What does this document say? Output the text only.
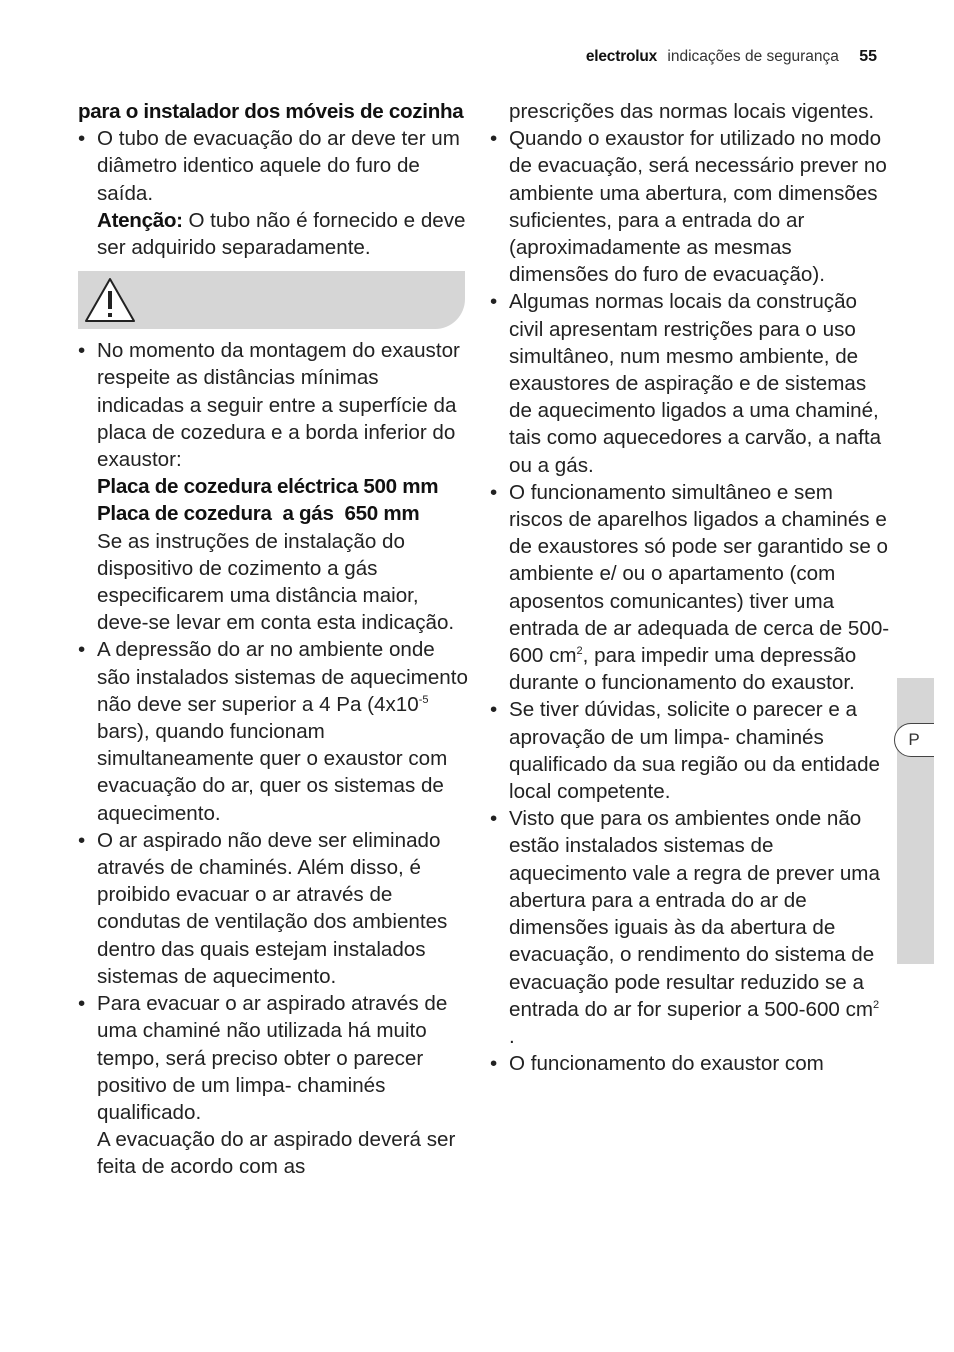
electrolux indicações de segurança 55

para o instalador dos móveis de cozinha

• O tubo de evacuação do ar deve ter um diâmetro identico aquele do furo de saída.
Atenção: O tubo não é fornecido e deve ser adquirido separadamente.
• No momento da montagem do exaustor respeite as distâncias mínimas indicadas a seguir entre a superfície da placa de cozedura e a borda inferior do exaustor:
Placa de cozedura eléctrica 500 mm
Placa de cozedura  a gás  650 mm
Se as instruções de instalação do dispositivo de cozimento a gás especificarem uma distância maior, deve-se levar em conta esta indicação.
• A depressão do ar no ambiente onde são instalados sistemas de aquecimento não deve ser superior a 4 Pa ($4x10^{-5}$ bars), quando funcionam simultaneamente quer o exaustor com evacuação do ar, quer os sistemas de aquecimento.
• O ar aspirado não deve ser eliminado através de chaminés. Além disso, é proibido evacuar o ar através de condutas de ventilação dos ambientes dentro das quais estejam instalados sistemas de aquecimento.
• Para evacuar o ar aspirado através de uma chaminé não utilizada há muito tempo, será preciso obter o parecer positivo de um limpa- chaminés qualificado.
A evacuação do ar aspirado deverá ser feita de acordo com as
prescrições das normas locais vigentes.
• Quando o exaustor for utilizado no modo de evacuação, será necessário prever no ambiente uma abertura, com dimensões suficientes, para a entrada do ar (aproximadamente as mesmas dimensões do furo de evacuação).
• Algumas normas locais da construção civil apresentam restrições para o uso simultâneo, num mesmo ambiente, de exaustores de aspiração e de sistemas de aquecimento ligados a uma chaminé, tais como aquecedores a carvão, a nafta ou a gás.
• O funcionamento simultâneo e sem riscos de aparelhos ligados a chaminés e de exaustores só pode ser garantido se o ambiente e/ ou o apartamento (com aposentos comunicantes) tiver uma entrada de ar adequada de cerca de 500-600 $cm^2$, para impedir uma depressão durante o funcionamento do exaustor.
• Se tiver dúvidas, solicite o parecer e a aprovação de um limpa- chaminés qualificado da sua região ou da entidade local competente.
• Visto que para os ambientes onde não estão instalados sistemas de aquecimento vale a regra de prever uma abertura para a entrada do ar de dimensões iguais às da abertura de evacuação, o rendimento do sistema de evacuação pode resultar reduzido se a entrada do ar for superior a 500-600 $cm^2$ .
• O funcionamento do exaustor com
P
